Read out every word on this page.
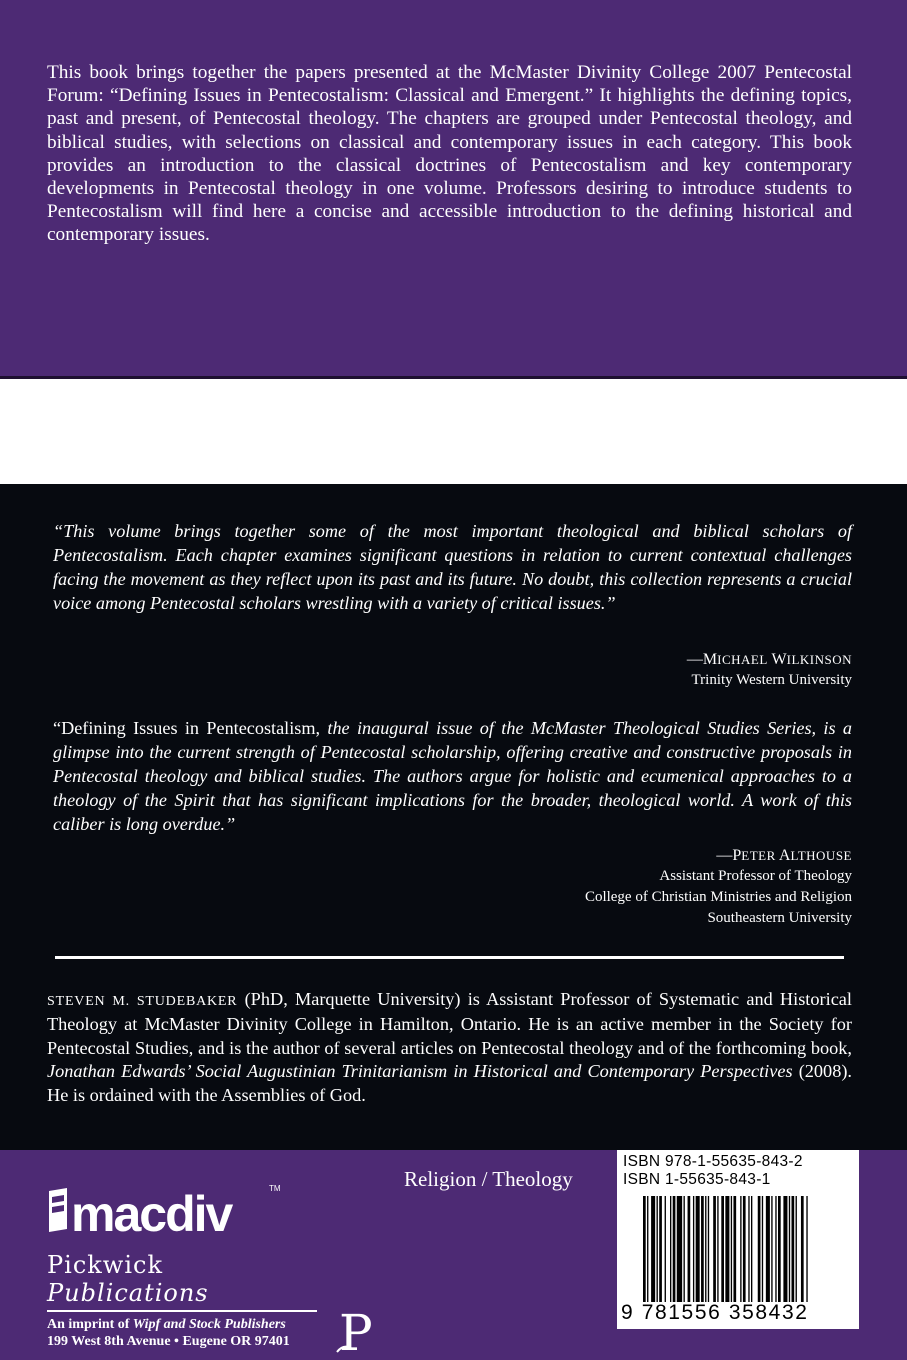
This book brings together the papers presented at the McMaster Divinity College 2007 Pentecostal Forum: “Defining Issues in Pentecostalism: Classical and Emergent.” It highlights the defining topics, past and present, of Pentecostal theology. The chapters are grouped under Pentecostal theology, and biblical studies, with selections on classical and contemporary issues in each category. This book provides an introduction to the classical doctrines of Pentecostalism and key contemporary developments in Pentecostal theology in one volume. Professors desiring to introduce students to Pentecostalism will find here a concise and accessible introduction to the defining historical and contemporary issues.

“This volume brings together some of the most important theological and biblical scholars of Pentecostalism. Each chapter examines significant questions in relation to current contextual challenges facing the movement as they reflect upon its past and its future. No doubt, this collection represents a crucial voice among Pentecostal scholars wrestling with a variety of critical issues.”

—MICHAEL WILKINSON
Trinity Western University

“Defining Issues in Pentecostalism, the inaugural issue of the McMaster Theological Studies Series, is a glimpse into the current strength of Pentecostal scholarship, offering creative and constructive proposals in Pentecostal theology and biblical studies. The authors argue for holistic and ecumenical approaches to a theology of the Spirit that has significant implications for the broader, theological world. A work of this caliber is long overdue.”

—PETER ALTHOUSE
Assistant Professor of Theology
College of Christian Ministries and Religion
Southeastern University

STEVEN M. STUDEBAKER (PhD, Marquette University) is Assistant Professor of Systematic and Historical Theology at McMaster Divinity College in Hamilton, Ontario. He is an active member in the Society for Pentecostal Studies, and is the author of several articles on Pentecostal theology and of the forthcoming book, Jonathan Edwards’ Social Augustinian Trinitarianism in Historical and Contemporary Perspectives (2008). He is ordained with the Assemblies of God.

macdiv	TM
Pickwick Publications
An imprint of Wipf and Stock Publishers
199 West 8th Avenue • Eugene OR 97401 P
Religion / Theology
ISBN 978-1-55635-843-2
ISBN 1-55635-843-1
9 781556 358432
